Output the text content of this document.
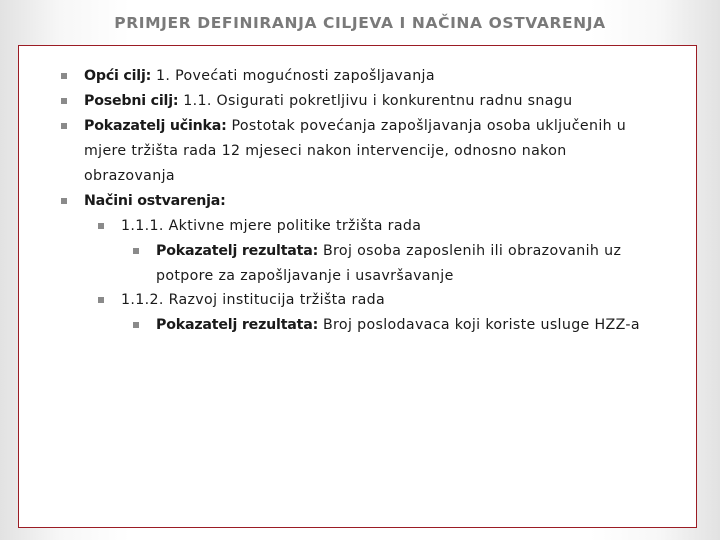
PRIMJER DEFINIRANJA CILJEVA I NAČINA OSTVARENJA
Opći cilj: 1. Povećati mogućnosti zapošljavanja
Posebni cilj: 1.1. Osigurati pokretljivu i konkurentnu radnu snagu
Pokazatelj učinka: Postotak povećanja zapošljavanja osoba uključenih u
mjere tržišta rada 12 mjeseci nakon intervencije, odnosno nakon
obrazovanja
Načini ostvarenja:
1.1.1. Aktivne mjere politike tržišta rada
Pokazatelj rezultata: Broj osoba zaposlenih ili obrazovanih uz
potpore za zapošljavanje i usavršavanje
1.1.2. Razvoj institucija tržišta rada
Pokazatelj rezultata: Broj poslodavaca koji koriste usluge HZZ-a
